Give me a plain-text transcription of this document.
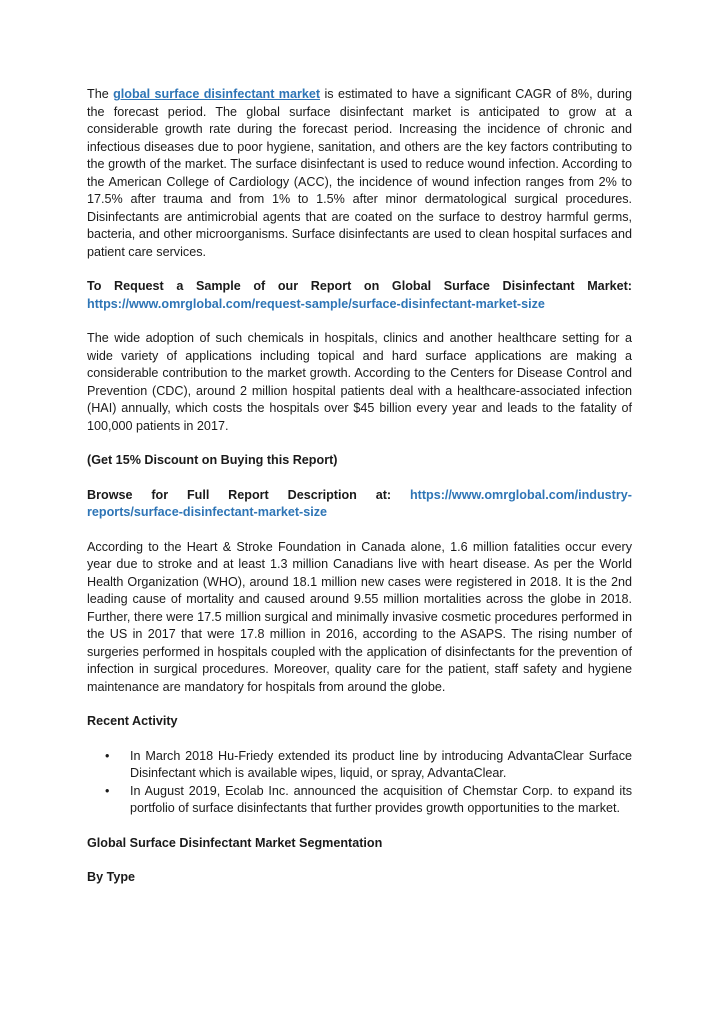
The global surface disinfectant market is estimated to have a significant CAGR of 8%, during the forecast period. The global surface disinfectant market is anticipated to grow at a considerable growth rate during the forecast period. Increasing the incidence of chronic and infectious diseases due to poor hygiene, sanitation, and others are the key factors contributing to the growth of the market. The surface disinfectant is used to reduce wound infection. According to the American College of Cardiology (ACC), the incidence of wound infection ranges from 2% to 17.5% after trauma and from 1% to 1.5% after minor dermatological surgical procedures. Disinfectants are antimicrobial agents that are coated on the surface to destroy harmful germs, bacteria, and other microorganisms. Surface disinfectants are used to clean hospital surfaces and patient care services.

To Request a Sample of our Report on Global Surface Disinfectant Market: https://www.omrglobal.com/request-sample/surface-disinfectant-market-size

The wide adoption of such chemicals in hospitals, clinics and another healthcare setting for a wide variety of applications including topical and hard surface applications are making a considerable contribution to the market growth. According to the Centers for Disease Control and Prevention (CDC), around 2 million hospital patients deal with a healthcare-associated infection (HAI) annually, which costs the hospitals over $45 billion every year and leads to the fatality of 100,000 patients in 2017.

(Get 15% Discount on Buying this Report)

Browse for Full Report Description at: https://www.omrglobal.com/industry-
reports/surface-disinfectant-market-size

According to the Heart & Stroke Foundation in Canada alone, 1.6 million fatalities occur every year due to stroke and at least 1.3 million Canadians live with heart disease. As per the World Health Organization (WHO), around 18.1 million new cases were registered in 2018. It is the 2nd leading cause of mortality and caused around 9.55 million mortalities across the globe in 2018. Further, there were 17.5 million surgical and minimally invasive cosmetic procedures performed in the US in 2017 that were 17.8 million in 2016, according to the ASAPS. The rising number of surgeries performed in hospitals coupled with the application of disinfectants for the prevention of infection in surgical procedures. Moreover, quality care for the patient, staff safety and hygiene maintenance are mandatory for hospitals from around the globe.

Recent Activity

• In March 2018 Hu-Friedy extended its product line by introducing AdvantaClear Surface Disinfectant which is available wipes, liquid, or spray, AdvantaClear.
• In August 2019, Ecolab Inc. announced the acquisition of Chemstar Corp. to expand its portfolio of surface disinfectants that further provides growth opportunities to the market.

Global Surface Disinfectant Market Segmentation

By Type
